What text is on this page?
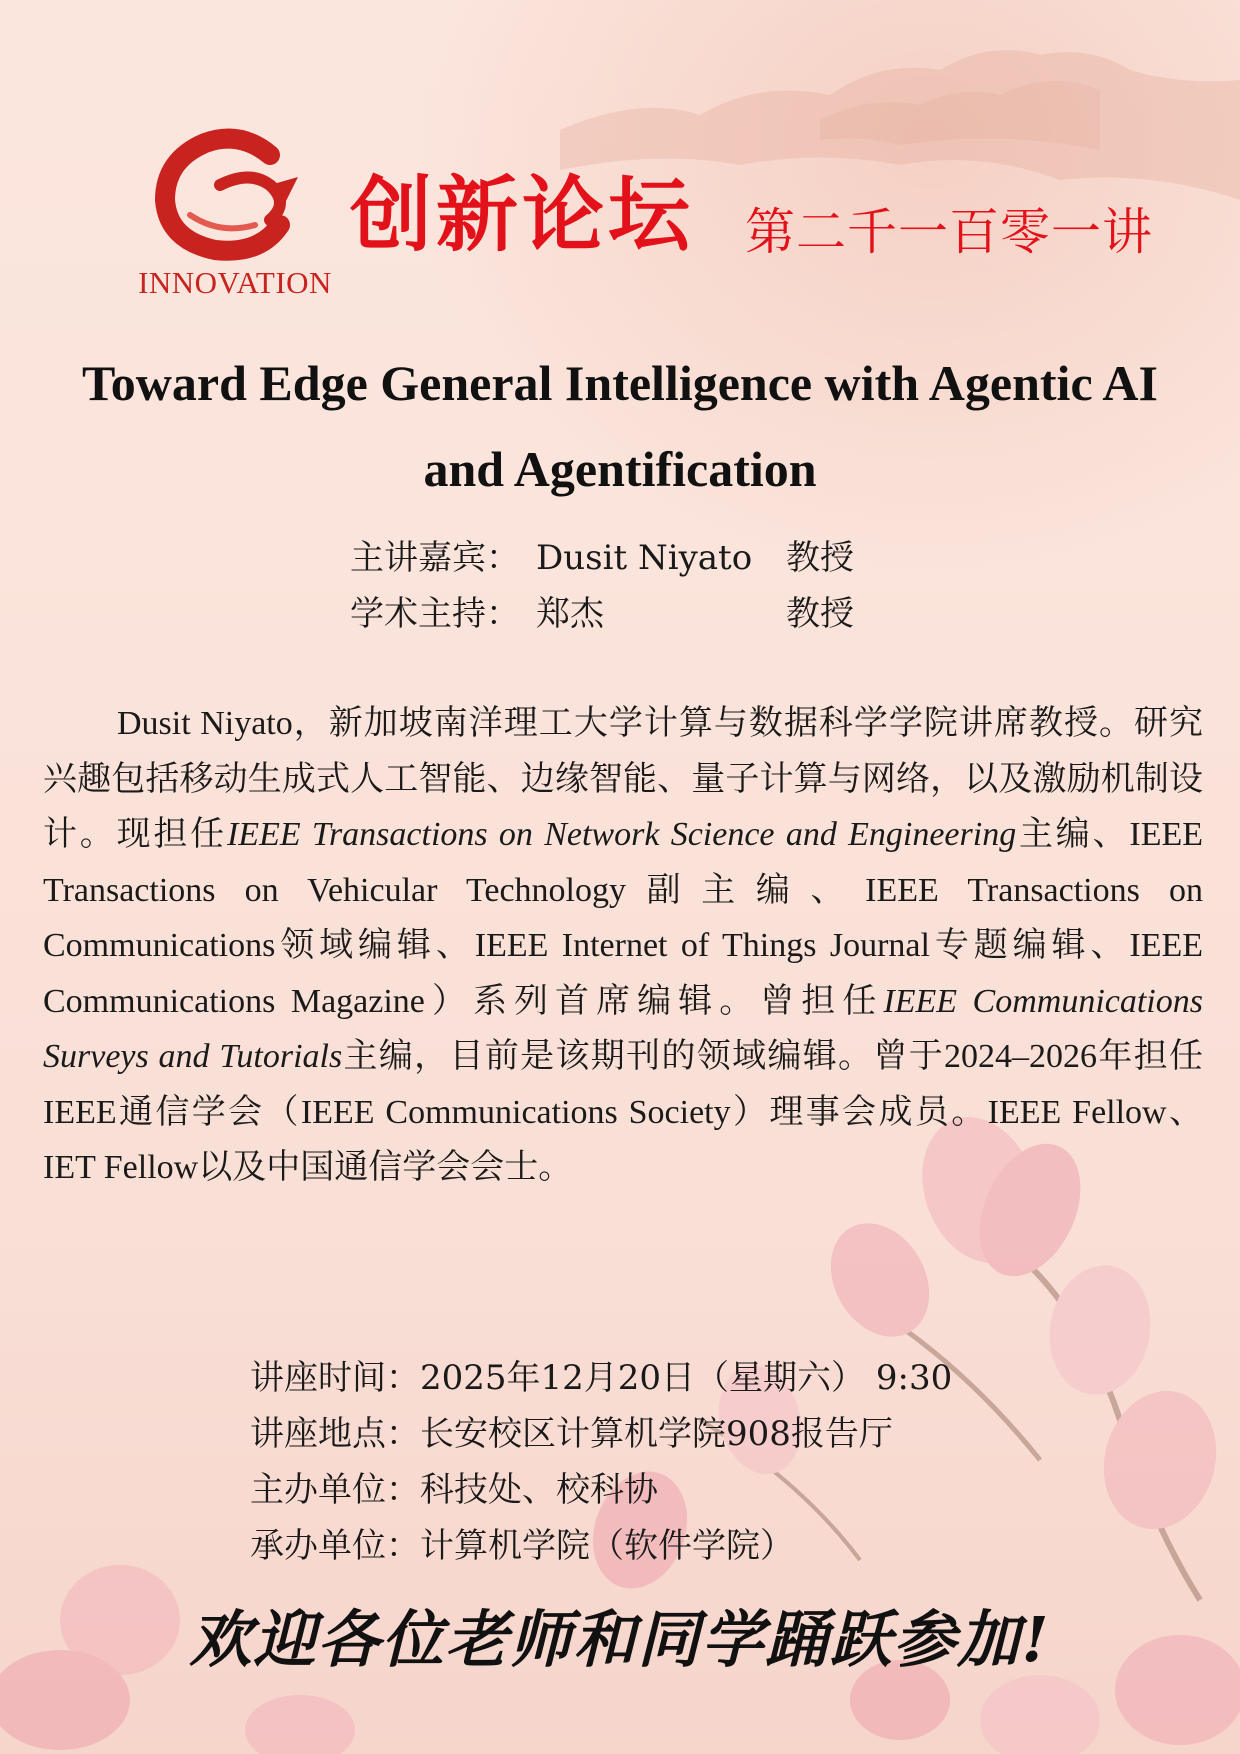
INNOVATION
创新论坛 第二千一百零一讲
Toward Edge General Intelligence with Agentic AI and Agentification
主讲嘉宾： Dusit Niyato 教授
学术主持： 郑杰	教授
Dusit Niyato，新加坡南洋理工大学计算与数据科学学院讲席教授。研究兴趣包括移动生成式人工智能、边缘智能、量子计算与网络，以及激励机制设计。现担任IEEE Transactions on Network Science and Engineering主编、IEEE Transactions on Vehicular Technology副主编、IEEE Transactions on Communications领域编辑、IEEE Internet of Things Journal专题编辑、IEEE Communications Magazine）系列首席编辑。曾担任IEEE Communications Surveys and Tutorials主编，目前是该期刊的领域编辑。曾于2024–2026年担任IEEE通信学会（IEEE Communications Society）理事会成员。IEEE Fellow、IET Fellow以及中国通信学会会士。
讲座时间：2025年12月20日（星期六） 9:30
讲座地点：长安校区计算机学院908报告厅
主办单位：科技处、校科协
承办单位：计算机学院（软件学院）
欢迎各位老师和同学踊跃参加!
